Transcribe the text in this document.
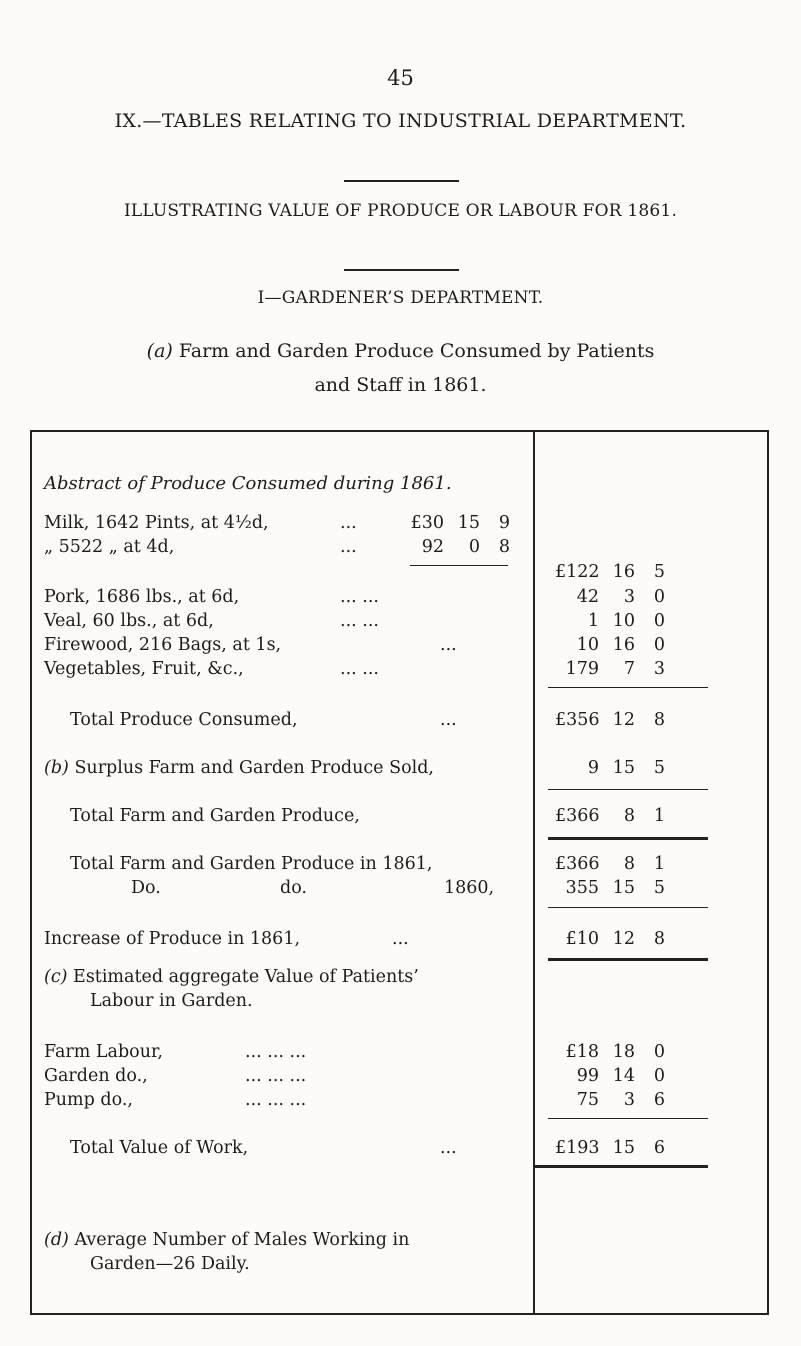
45
IX.—TABLES RELATING TO INDUSTRIAL DEPARTMENT.
ILLUSTRATING VALUE OF PRODUCE OR LABOUR FOR 1861.
I—GARDENER’S DEPARTMENT.
(a) Farm and Garden Produce Consumed by Patients
and Staff in 1861.
Abstract of Produce Consumed during 1861.
Milk, 1642 Pints, at 4½d,	...	£30 15 9
„ 5522 „ at 4d,	...	92 0 8
£122 16 5
Pork, 1686 lbs., at 6d,	... ...	42 3 0
Veal, 60 lbs., at 6d,	... ...	1 10 0
Firewood, 216 Bags, at 1s,	...	10 16 0
Vegetables, Fruit, &c.,	... ...	179 7 3
Total Produce Consumed,	...	£356 12 8
(b) Surplus Farm and Garden Produce Sold,	9 15 5
Total Farm and Garden Produce,	£366 8 1
Total Farm and Garden Produce in 1861,	£366 8 1
Do.	do.	1860,	355 15 5
Increase of Produce in 1861,	...	£10 12 8
(c) Estimated aggregate Value of Patients’
Labour in Garden.
Farm Labour,	... ... ...	£18 18 0
Garden do.,	... ... ...	99 14 0
Pump do.,	... ... ...	75 3 6
Total Value of Work,	...	£193 15 6
(d) Average Number of Males Working in
Garden—26 Daily.
